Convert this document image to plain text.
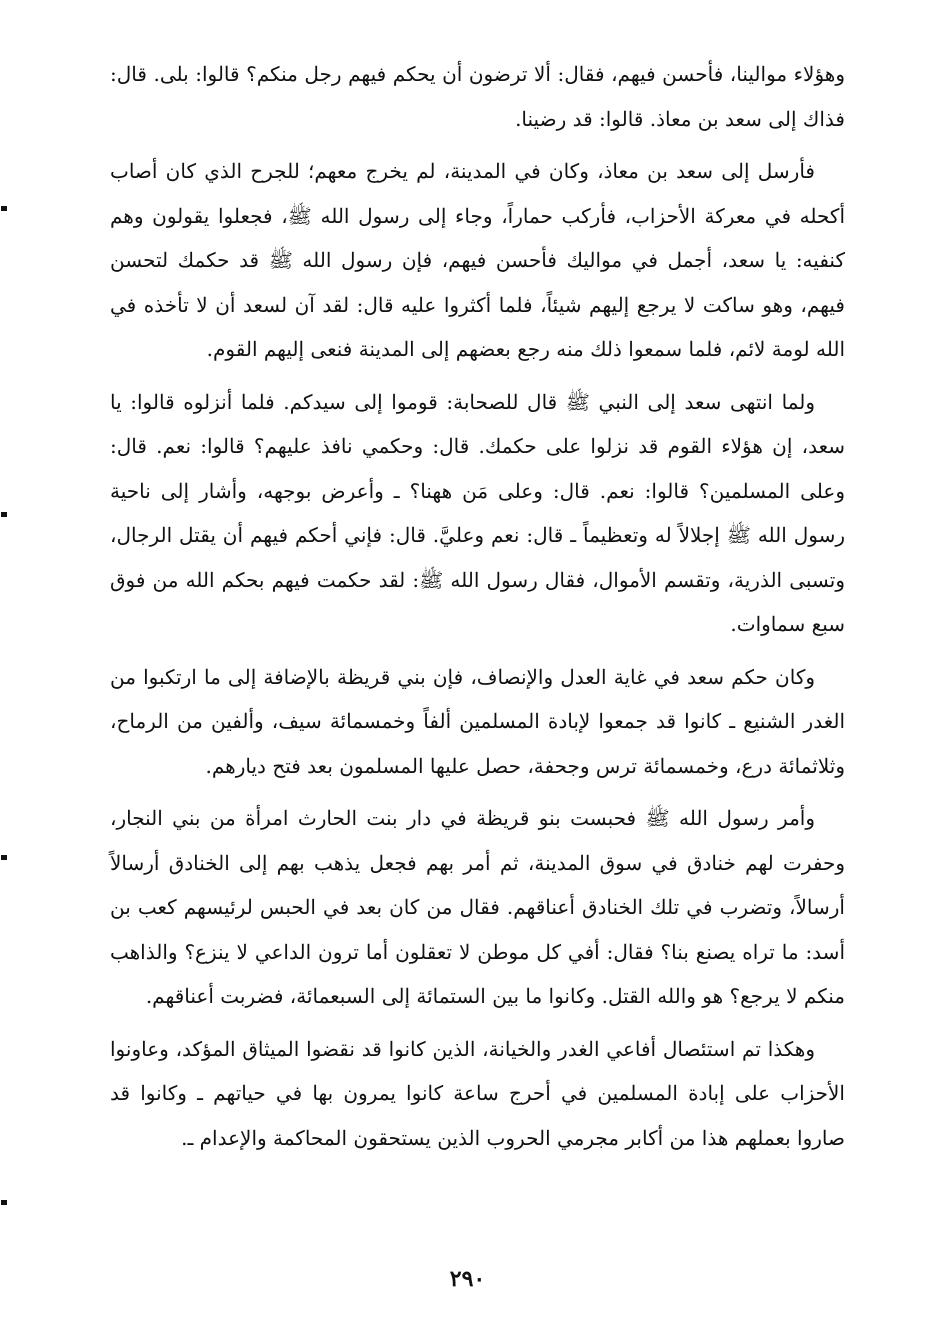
وهؤلاء موالينا، فأحسن فيهم، فقال: ألا ترضون أن يحكم فيهم رجل منكم؟ قالوا: بلى. قال: فذاك إلى سعد بن معاذ. قالوا: قد رضينا.

فأرسل إلى سعد بن معاذ، وكان في المدينة، لم يخرج معهم؛ للجرح الذي كان أصاب أكحله في معركة الأحزاب، فأركب حماراً، وجاء إلى رسول الله ﷺ، فجعلوا يقولون وهم كنفيه: يا سعد، أجمل في مواليك فأحسن فيهم، فإن رسول الله ﷺ قد حكمك لتحسن فيهم، وهو ساكت لا يرجع إليهم شيئاً، فلما أكثروا عليه قال: لقد آن لسعد أن لا تأخذه في الله لومة لائم، فلما سمعوا ذلك منه رجع بعضهم إلى المدينة فنعى إليهم القوم.

ولما انتهى سعد إلى النبي ﷺ قال للصحابة: قوموا إلى سيدكم. فلما أنزلوه قالوا: يا سعد، إن هؤلاء القوم قد نزلوا على حكمك. قال: وحكمي نافذ عليهم؟ قالوا: نعم. قال: وعلى المسلمين؟ قالوا: نعم. قال: وعلى مَن ههنا؟ ـ وأعرض بوجهه، وأشار إلى ناحية رسول الله ﷺ إجلالاً له وتعظيماً ـ قال: نعم وعليَّ. قال: فإني أحكم فيهم أن يقتل الرجال، وتسبى الذرية، وتقسم الأموال، فقال رسول الله ﷺ: لقد حكمت فيهم بحكم الله من فوق سبع سماوات.

وكان حكم سعد في غاية العدل والإنصاف، فإن بني قريظة بالإضافة إلى ما ارتكبوا من الغدر الشنيع ـ كانوا قد جمعوا لإبادة المسلمين ألفاً وخمسمائة سيف، وألفين من الرماح، وثلاثمائة درع، وخمسمائة ترس وجحفة، حصل عليها المسلمون بعد فتح ديارهم.

وأمر رسول الله ﷺ فحبست بنو قريظة في دار بنت الحارث امرأة من بني النجار، وحفرت لهم خنادق في سوق المدينة، ثم أمر بهم فجعل يذهب بهم إلى الخنادق أرسالاً أرسالاً، وتضرب في تلك الخنادق أعناقهم. فقال من كان بعد في الحبس لرئيسهم كعب بن أسد: ما تراه يصنع بنا؟ فقال: أفي كل موطن لا تعقلون أما ترون الداعي لا ينزع؟ والذاهب منكم لا يرجع؟ هو والله القتل. وكانوا ما بين الستمائة إلى السبعمائة، فضربت أعناقهم.

وهكذا تم استئصال أفاعي الغدر والخيانة، الذين كانوا قد نقضوا الميثاق المؤكد، وعاونوا الأحزاب على إبادة المسلمين في أحرج ساعة كانوا يمرون بها في حياتهم ـ وكانوا قد صاروا بعملهم هذا من أكابر مجرمي الحروب الذين يستحقون المحاكمة والإعدام ـ.

٢٩٠
